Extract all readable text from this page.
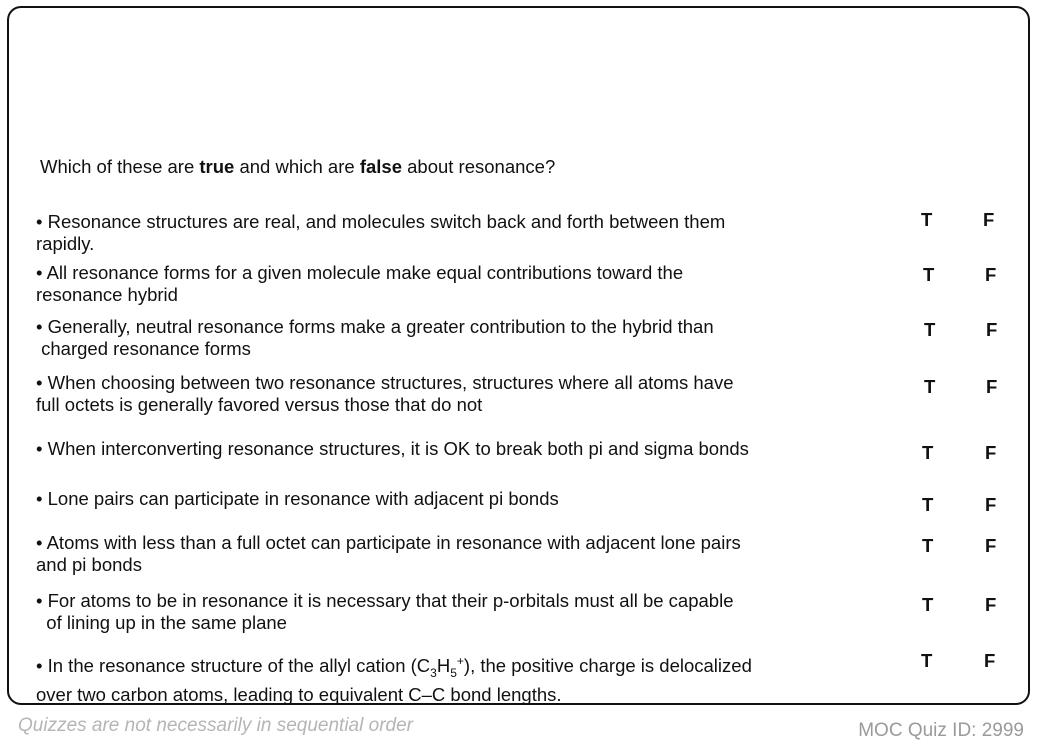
Which of these are true and which are false about resonance?
• Resonance structures are real, and molecules switch back and forth between them
rapidly.
T	F
• All resonance forms for a given molecule make equal contributions toward the
resonance hybrid
T	F
• Generally, neutral resonance forms make a greater contribution to the hybrid than
charged resonance forms
T	F
• When choosing between two resonance structures, structures where all atoms have
full octets is generally favored versus those that do not
T	F
• When interconverting resonance structures, it is OK to break both pi and sigma bonds	T	F
• Lone pairs can participate in resonance with adjacent pi bonds	T	F
• Atoms with less than a full octet can participate in resonance with adjacent lone pairs
and pi bonds
T	F
• For atoms to be in resonance it is necessary that their p-orbitals must all be capable
of lining up in the same plane
T	F
• In the resonance structure of the allyl cation $(C_3H_5^+)$, the positive charge is delocalized
over two carbon atoms, leading to equivalent C–C bond lengths.
T	F
Quizzes are not necessarily in sequential order	MOC Quiz ID: 2999
